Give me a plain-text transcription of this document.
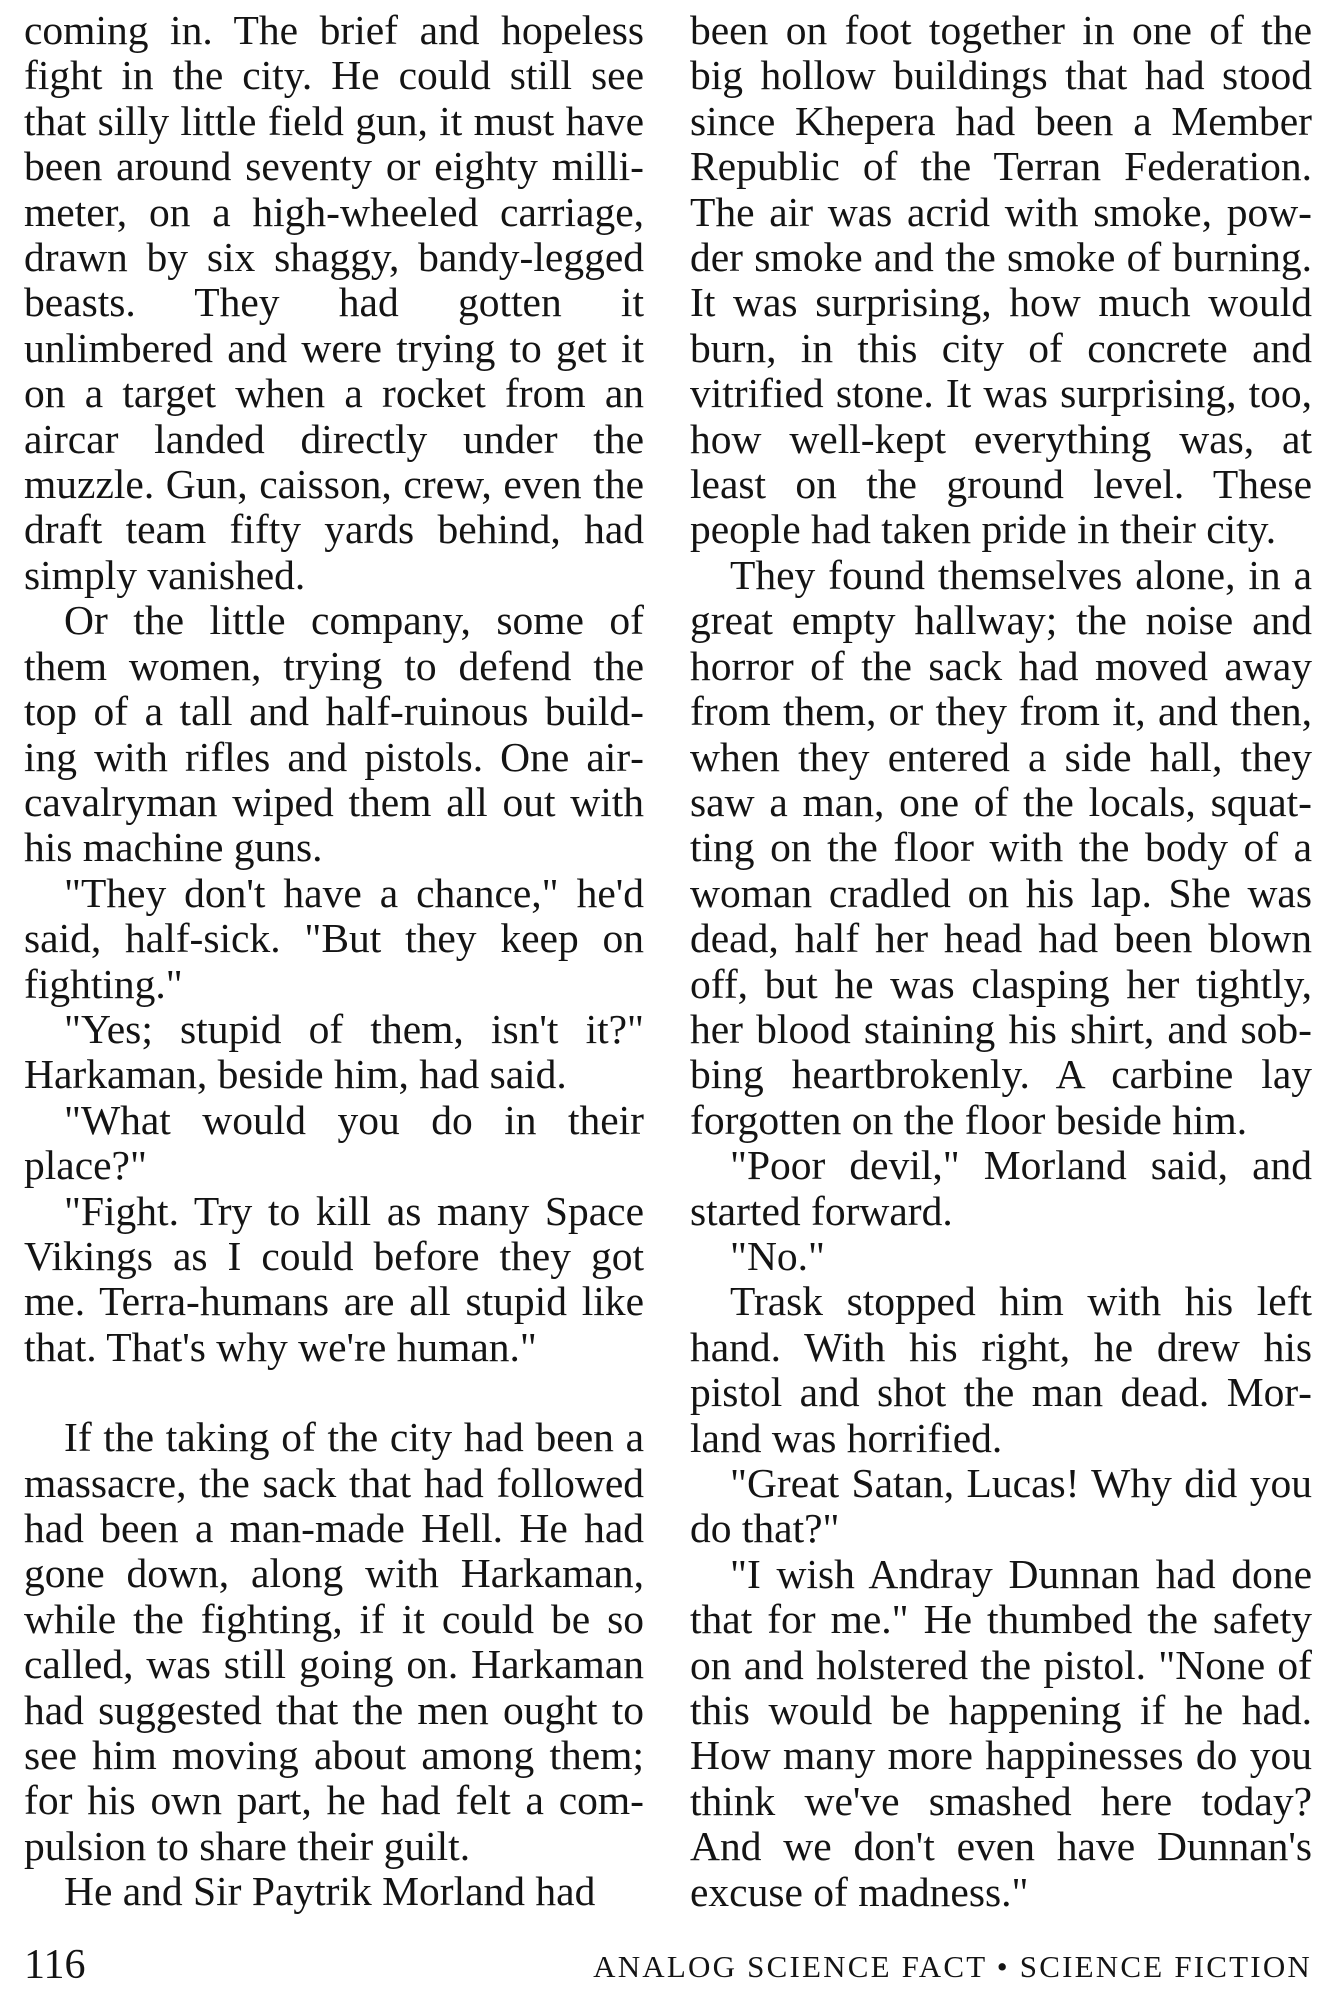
coming in. The brief and hopeless fight in the city. He could still see that silly little field gun, it must have been around seventy or eighty millimeter, on a high-wheeled carriage, drawn by six shaggy, bandy-legged beasts. They had gotten it unlimbered and were trying to get it on a target when a rocket from an aircar landed directly under the muzzle. Gun, caisson, crew, even the draft team fifty yards behind, had simply vanished.

Or the little company, some of them women, trying to defend the top of a tall and half-ruinous building with rifles and pistols. One aircavalryman wiped them all out with his machine guns.

"They don't have a chance," he'd said, half-sick. "But they keep on fighting."

"Yes; stupid of them, isn't it?" Harkaman, beside him, had said.

"What would you do in their place?"

"Fight. Try to kill as many Space Vikings as I could before they got me. Terra-humans are all stupid like that. That's why we're human."

If the taking of the city had been a massacre, the sack that had followed had been a man-made Hell. He had gone down, along with Harkaman, while the fighting, if it could be so called, was still going on. Harkaman had suggested that the men ought to see him moving about among them; for his own part, he had felt a compulsion to share their guilt.

He and Sir Paytrik Morland had

been on foot together in one of the big hollow buildings that had stood since Khepera had been a Member Republic of the Terran Federation. The air was acrid with smoke, powder smoke and the smoke of burning. It was surprising, how much would burn, in this city of concrete and vitrified stone. It was surprising, too, how well-kept everything was, at least on the ground level. These people had taken pride in their city.

They found themselves alone, in a great empty hallway; the noise and horror of the sack had moved away from them, or they from it, and then, when they entered a side hall, they saw a man, one of the locals, squatting on the floor with the body of a woman cradled on his lap. She was dead, half her head had been blown off, but he was clasping her tightly, her blood staining his shirt, and sobbing heartbrokenly. A carbine lay forgotten on the floor beside him.

"Poor devil," Morland said, and started forward.

"No."

Trask stopped him with his left hand. With his right, he drew his pistol and shot the man dead. Morland was horrified.

"Great Satan, Lucas! Why did you do that?"

"I wish Andray Dunnan had done that for me." He thumbed the safety on and holstered the pistol. "None of this would be happening if he had. How many more happinesses do you think we've smashed here today? And we don't even have Dunnan's excuse of madness."

116	ANALOG SCIENCE FACT • SCIENCE FICTION
